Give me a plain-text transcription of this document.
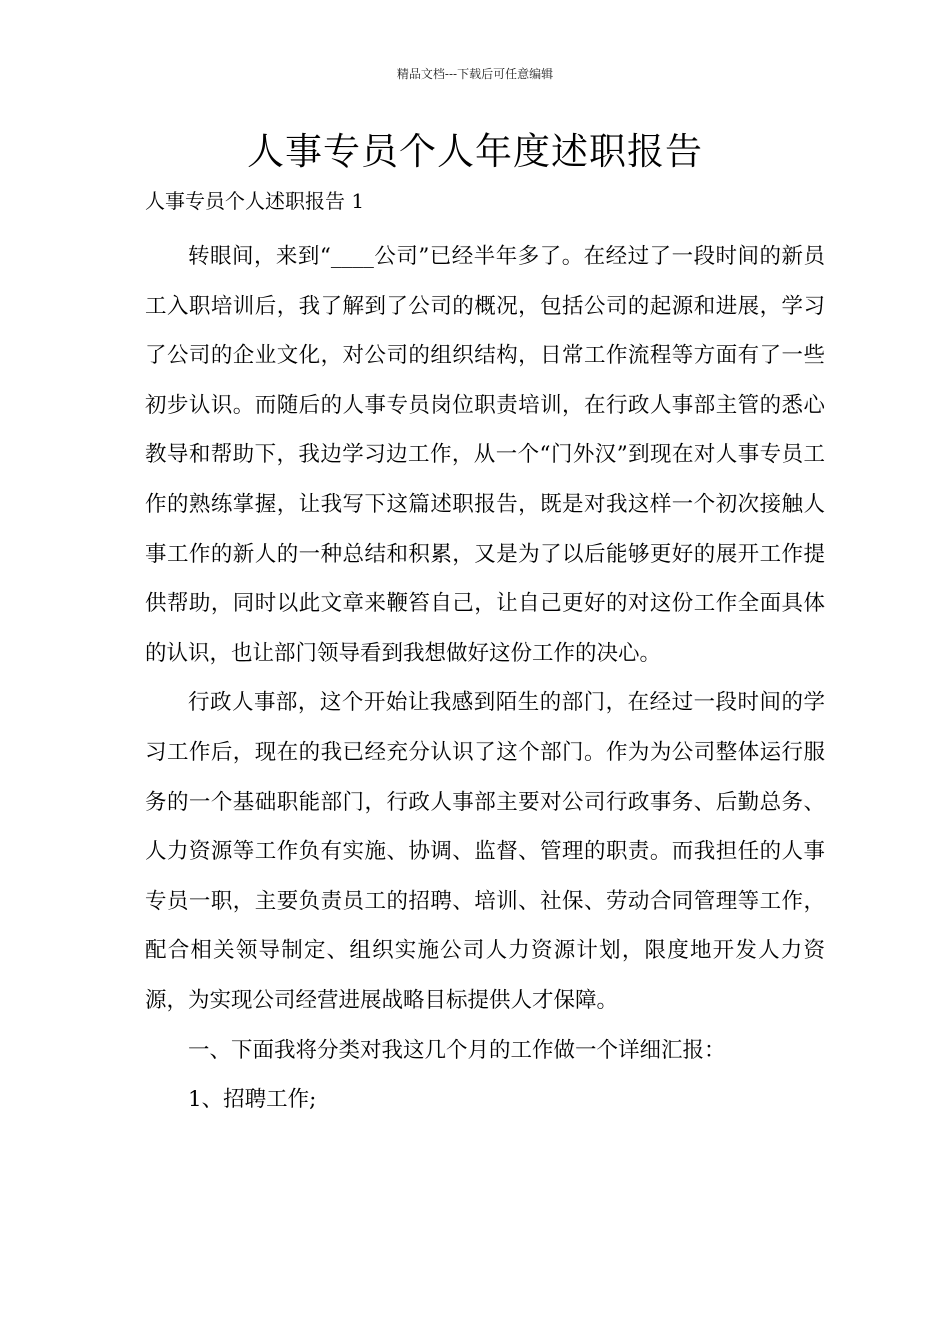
精品文档---下载后可任意编辑
人事专员个人年度述职报告

人事专员个人述职报告 1

转眼间，来到“____公司”已经半年多了。在经过了一段时间的新员工入职培训后，我了解到了公司的概况，包括公司的起源和进展，学习了公司的企业文化，对公司的组织结构，日常工作流程等方面有了一些初步认识。而随后的人事专员岗位职责培训，在行政人事部主管的悉心教导和帮助下，我边学习边工作，从一个“门外汉”到现在对人事专员工作的熟练掌握，让我写下这篇述职报告，既是对我这样一个初次接触人事工作的新人的一种总结和积累，又是为了以后能够更好的展开工作提供帮助，同时以此文章来鞭笞自己，让自己更好的对这份工作全面具体的认识，也让部门领导看到我想做好这份工作的决心。

行政人事部，这个开始让我感到陌生的部门，在经过一段时间的学习工作后，现在的我已经充分认识了这个部门。作为为公司整体运行服务的一个基础职能部门，行政人事部主要对公司行政事务、后勤总务、人力资源等工作负有实施、协调、监督、管理的职责。而我担任的人事专员一职，主要负责员工的招聘、培训、社保、劳动合同管理等工作，配合相关领导制定、组织实施公司人力资源计划，限度地开发人力资源，为实现公司经营进展战略目标提供人才保障。

一、下面我将分类对我这几个月的工作做一个详细汇报：

1、招聘工作;
